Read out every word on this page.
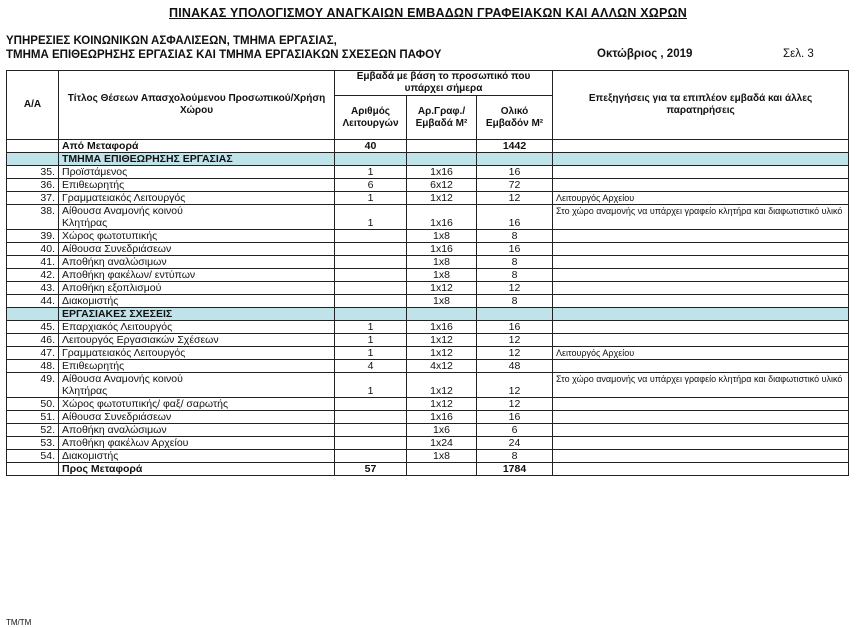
ΠΙΝΑΚΑΣ ΥΠΟΛΟΓΙΣΜΟΥ ΑΝΑΓΚΑΙΩΝ ΕΜΒΑΔΩΝ ΓΡΑΦΕΙΑΚΩΝ ΚΑΙ ΑΛΛΩΝ ΧΩΡΩΝ
ΥΠΗΡΕΣΙΕΣ ΚΟΙΝΩΝΙΚΩΝ ΑΣΦΑΛΙΣΕΩΝ, ΤΜΗΜΑ ΕΡΓΑΣΙΑΣ,
ΤΜΗΜΑ ΕΠΙΘΕΩΡΗΣΗΣ ΕΡΓΑΣΙΑΣ ΚΑΙ ΤΜΗΜΑ ΕΡΓΑΣΙΑΚΩΝ ΣΧΕΣΕΩΝ ΠΑΦΟΥ	Οκτώβριος , 2019	Σελ. 3
Α/Α	Τίτλος Θέσεων Απασχολούμενου Προσωπικού/Χρήση Χώρου	Εμβαδά με βάση το προσωπικό που υπάρχει σήμερα			Επεξηγήσεις για τα επιπλέον εμβαδά και άλλες παρατηρήσεις
		Αριθμός Λειτουργών	Αρ.Γραφ./ Εμβαδά Μ²	Ολικό Εμβαδόν Μ²	
	Από Μεταφορά	40		1442	
	ΤΜΗΜΑ ΕΠΙΘΕΩΡΗΣΗΣ ΕΡΓΑΣΙΑΣ				
35.	Προϊστάμενος	1	1x16	16	
36.	Επιθεωρητής	6	6x12	72	
37.	Γραμματειακός Λειτουργός	1	1x12	12	Λειτουργός Αρχείου
38.	Αίθουσα Αναμονής κοινού
Κλητήρας	1	1x16	16	Στο χώρο αναμονής να υπάρχει γραφείο κλητήρα και διαφωτιστικό υλικό
39.	Χώρος φωτοτυπικής		1x8	8	
40.	Αίθουσα Συνεδριάσεων		1x16	16	
41.	Αποθήκη αναλώσιμων		1x8	8	
42.	Αποθήκη φακέλων/ εντύπων		1x8	8	
43.	Αποθήκη εξοπλισμού		1x12	12	
44.	Διακομιστής		1x8	8	
	ΕΡΓΑΣΙΑΚΕΣ ΣΧΕΣΕΙΣ				
45.	Επαρχιακός Λειτουργός	1	1x16	16	
46.	Λειτουργός Εργασιακών Σχέσεων	1	1x12	12	
47.	Γραμματειακός Λειτουργός	1	1x12	12	Λειτουργός Αρχείου
48.	Επιθεωρητής	4	4x12	48	
49.	Αίθουσα Αναμονής κοινού
Κλητήρας	1	1x12	12	Στο χώρο αναμονής να υπάρχει γραφείο κλητήρα και διαφωτιστικό υλικό
50.	Χώρος φωτοτυπικής/ φαξ/ σαρωτής		1x12	12	
51.	Αίθουσα Συνεδριάσεων		1x16	16	
52.	Αποθήκη αναλώσιμων		1x6	6	
53.	Αποθήκη φακέλων Αρχείου		1x24	24	
54.	Διακομιστής		1x8	8	
	Προς Μεταφορά	57		1784	
TM/TM
